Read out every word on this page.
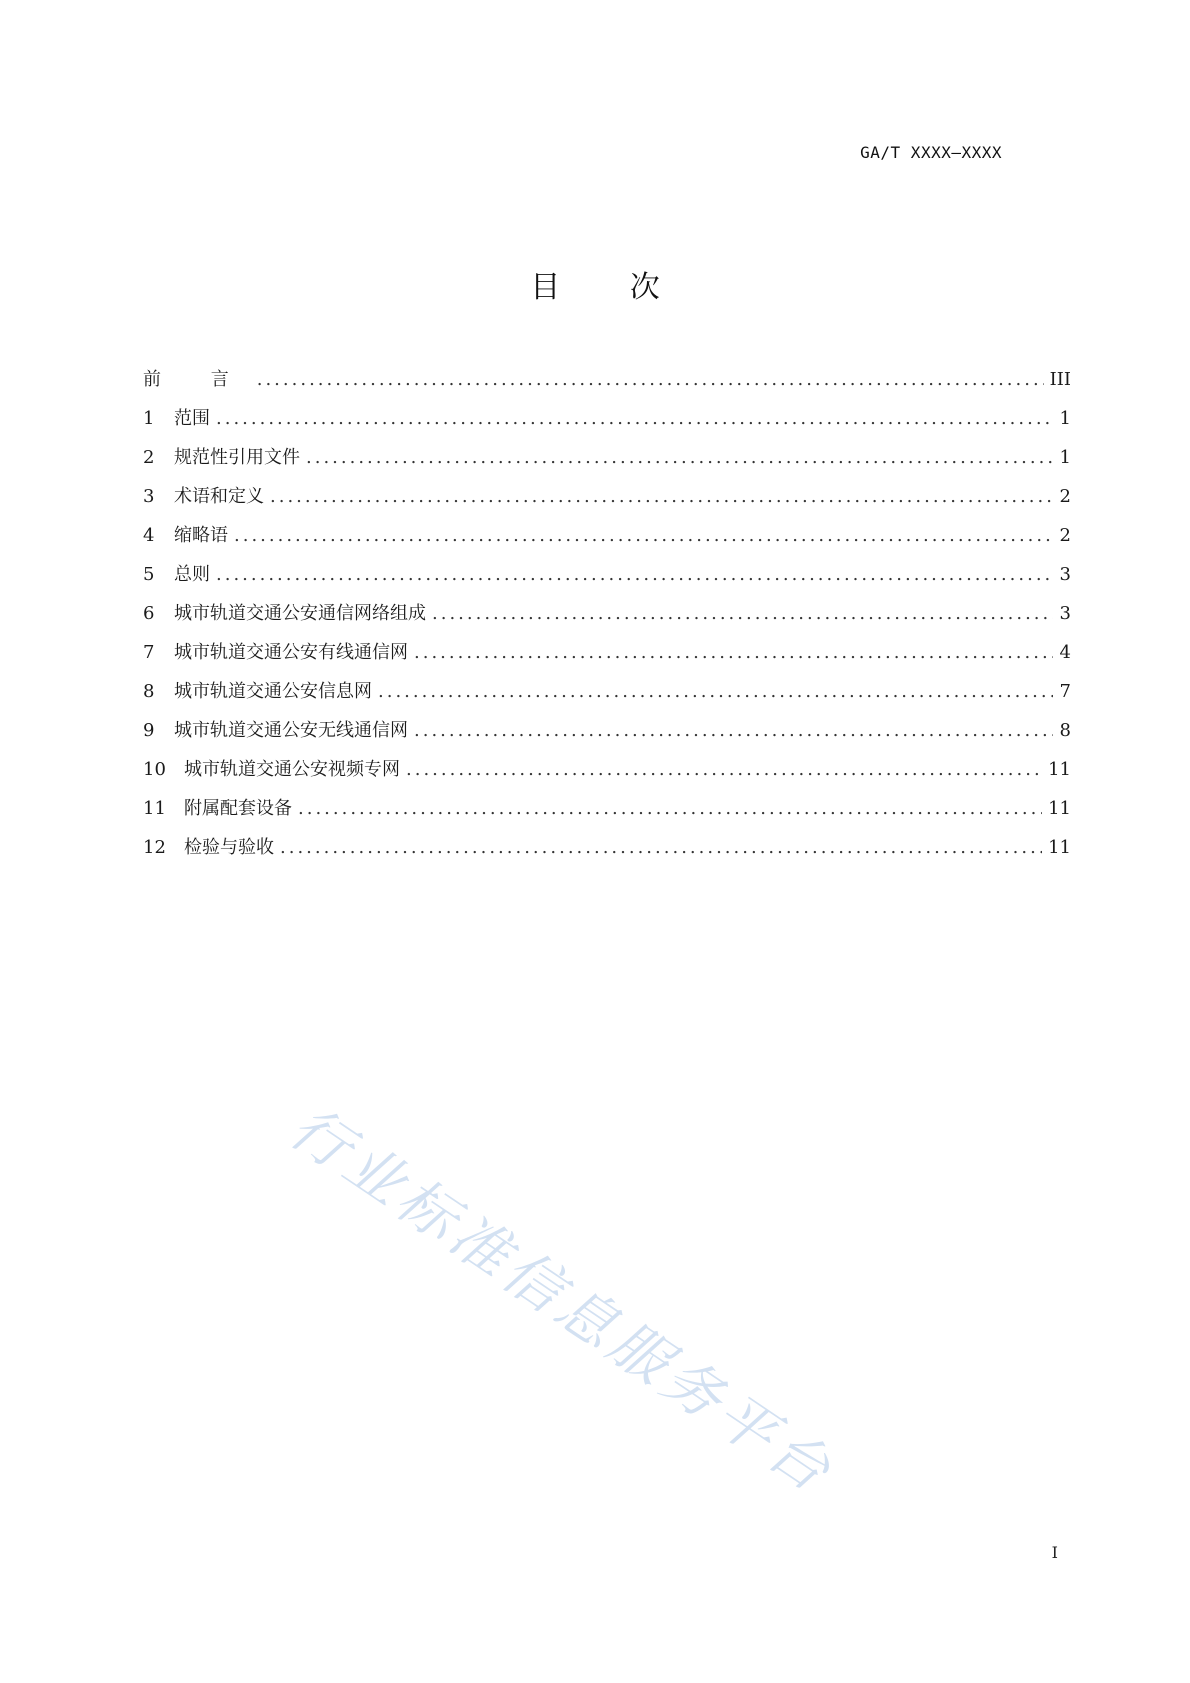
GA/T XXXX—XXXX
目 次
前 言 .....	III
1	范围 .....	1
2	规范性引用文件 .....	1
3	术语和定义 .....	2
4	缩略语 .....	2
5	总则 .....	3
6	城市轨道交通公安通信网络组成 .....	3
7	城市轨道交通公安有线通信网 .....	4
8	城市轨道交通公安信息网 .....	7
9	城市轨道交通公安无线通信网 .....	8
10	城市轨道交通公安视频专网 .....	11
11	附属配套设备 .....	11
12	检验与验收 .....	11
行业标准信息服务平台
I
